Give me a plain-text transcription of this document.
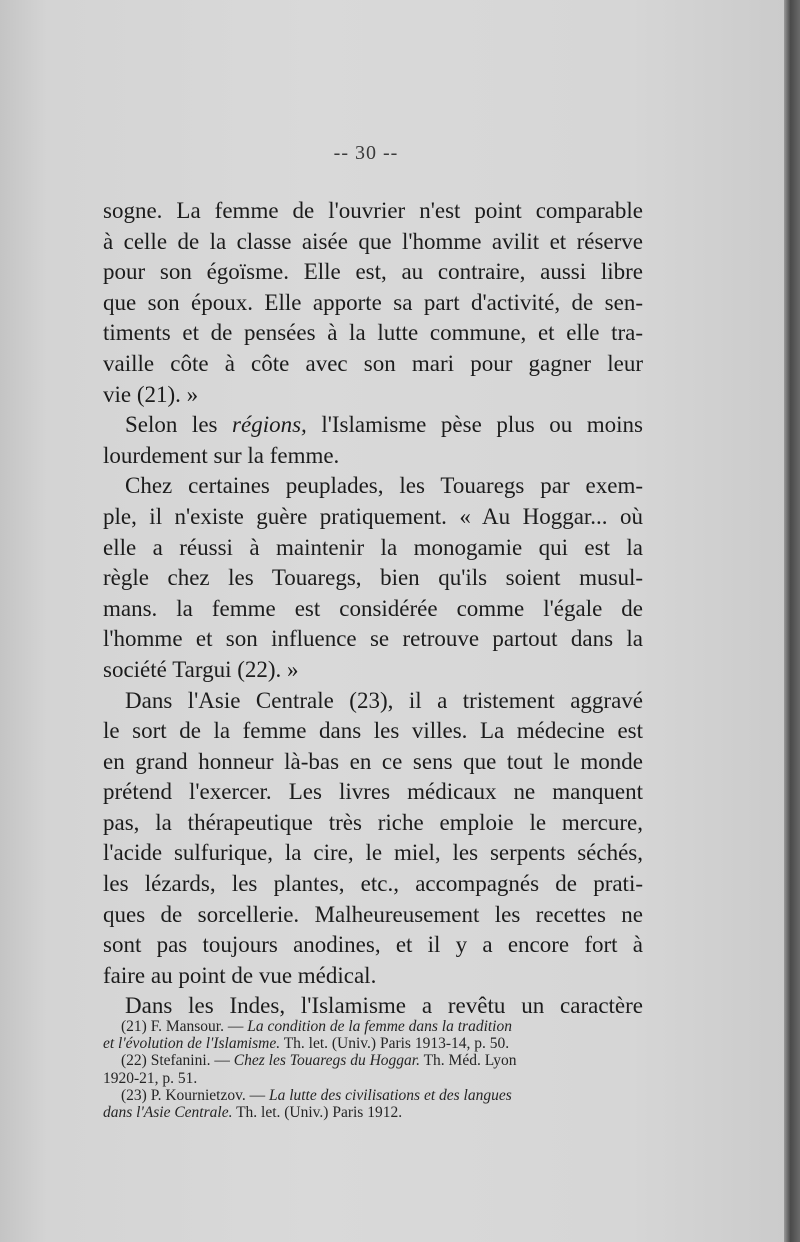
-- 30 --

sogne. La femme de l'ouvrier n'est point comparable

à celle de la classe aisée que l'homme avilit et réserve

pour son égoïsme. Elle est, au contraire, aussi libre

que son époux. Elle apporte sa part d'activité, de sen-

timents et de pensées à la lutte commune, et elle tra-

vaille côte à côte avec son mari pour gagner leur

vie (21). »

Selon les régions, l'Islamisme pèse plus ou moins

lourdement sur la femme.

Chez certaines peuplades, les Touaregs par exem-

ple, il n'existe guère pratiquement. « Au Hoggar... où

elle a réussi à maintenir la monogamie qui est la

règle chez les Touaregs, bien qu'ils soient musul-

mans. la femme est considérée comme l'égale de

l'homme et son influence se retrouve partout dans la

société Targui (22). »

Dans l'Asie Centrale (23), il a tristement aggravé

le sort de la femme dans les villes. La médecine est

en grand honneur là-bas en ce sens que tout le monde

prétend l'exercer. Les livres médicaux ne manquent

pas, la thérapeutique très riche emploie le mercure,

l'acide sulfurique, la cire, le miel, les serpents séchés,

les lézards, les plantes, etc., accompagnés de prati-

ques de sorcellerie. Malheureusement les recettes ne

sont pas toujours anodines, et il y a encore fort à

faire au point de vue médical.

Dans les Indes, l'Islamisme a revêtu un caractère

(21) F. Mansour. — La condition de la femme dans la tradition

et l'évolution de l'Islamisme. Th. let. (Univ.) Paris 1913-14, p. 50.

(22) Stefanini. — Chez les Touaregs du Hoggar. Th. Méd. Lyon

1920-21, p. 51.

(23) P. Kournietzov. — La lutte des civilisations et des langues

dans l'Asie Centrale. Th. let. (Univ.) Paris 1912.
